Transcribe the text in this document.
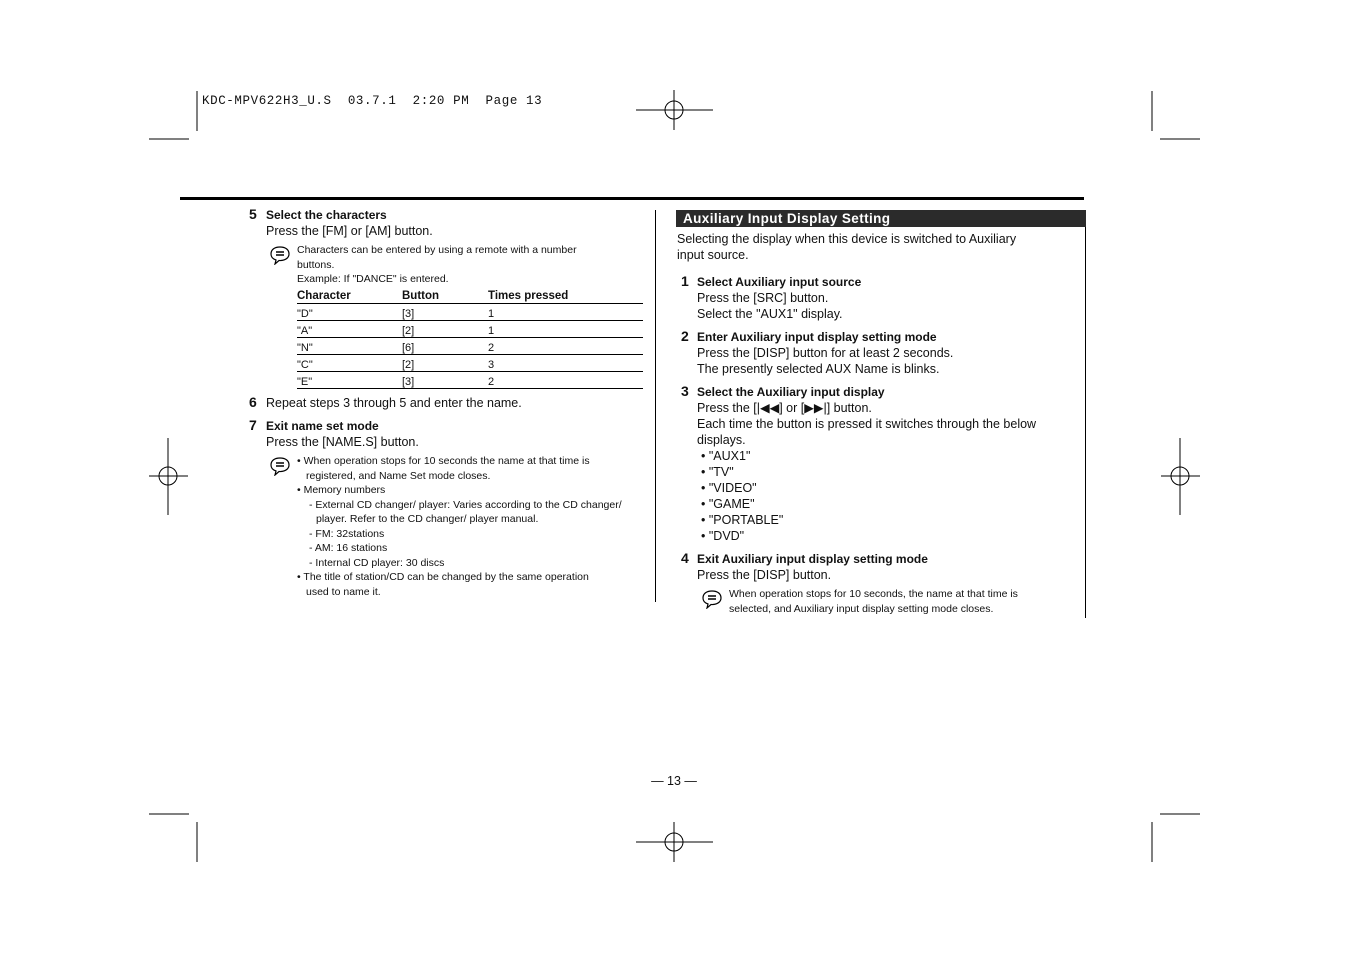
KDC-MPV622H3_U.S  03.7.1  2:20 PM  Page 13
5 Select the characters
Press the [FM] or [AM] button.
Characters can be entered by using a remote with a number
buttons.
Example: If "DANCE" is entered.
Character	Button	Times pressed
"D"	[3]	1
"A"	[2]	1
"N"	[6]	2
"C"	[2]	3
"E"	[3]	2
6 Repeat steps 3 through 5 and enter the name.
7 Exit name set mode
Press the [NAME.S] button.
• When operation stops for 10 seconds the name at that time is
registered, and Name Set mode closes.
• Memory numbers
- External CD changer/ player: Varies according to the CD changer/
player. Refer to the CD changer/ player manual.
- FM: 32stations
- AM: 16 stations
- Internal CD player: 30 discs
• The title of station/CD can be changed by the same operation
used to name it.
Auxiliary Input Display Setting
Selecting the display when this device is switched to Auxiliary
input source.
1 Select Auxiliary input source
Press the [SRC] button.
Select the "AUX1" display.
2 Enter Auxiliary input display setting mode
Press the [DISP] button for at least 2 seconds.
The presently selected AUX Name is blinks.
3 Select the Auxiliary input display
Press the [|◀◀] or [▶▶|] button.
Each time the button is pressed it switches through the below
displays.
• "AUX1"
• "TV"
• "VIDEO"
• "GAME"
• "PORTABLE"
• "DVD"
4 Exit Auxiliary input display setting mode
Press the [DISP] button.
When operation stops for 10 seconds, the name at that time is
selected, and Auxiliary input display setting mode closes.
— 13 —
